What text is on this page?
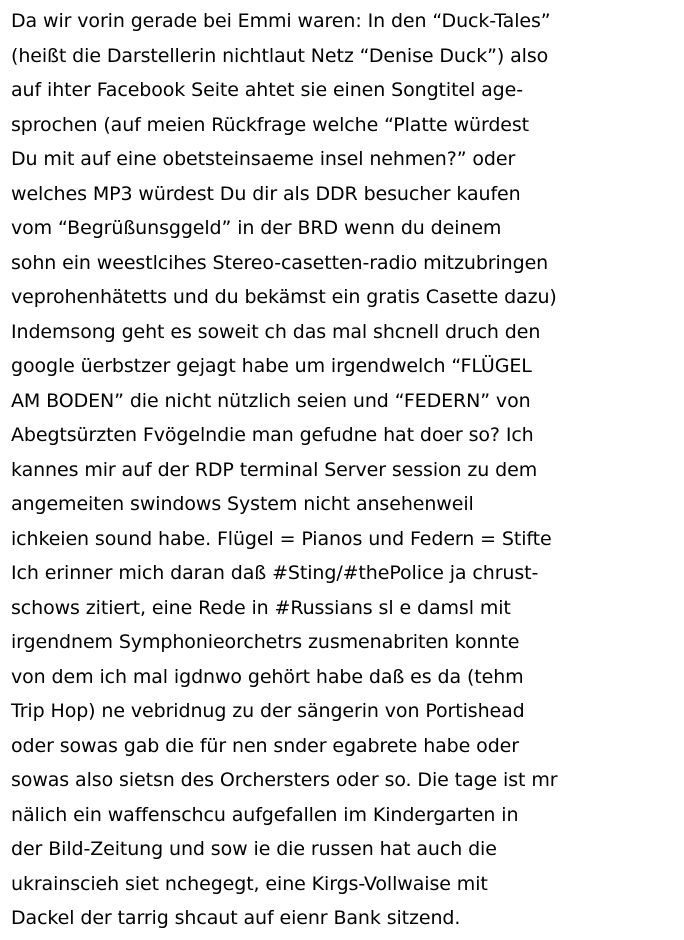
Da wir vorin gerade bei Emmi waren: In den “Duck-Tales”
(heißt die Darstellerin nichtlaut Netz “Denise Duck”) also
auf ihter Facebook Seite ahtet sie einen Songtitel age-
sprochen (auf meien Rückfrage welche “Platte würdest
Du mit auf eine obetsteinsaeme insel nehmen?” oder
welches MP3 würdest Du dir als DDR besucher kaufen
vom “Begrüßunsggeld” in der BRD wenn du deinem
sohn ein weestlcihes Stereo-casetten-radio mitzubringen
veprohenhätetts und du bekämst ein gratis Casette dazu)
Indemsong geht es soweit ch das mal shcnell druch den
google üerbstzer gejagt habe um irgendwelch “FLÜGEL
AM BODEN” die nicht nützlich seien und “FEDERN” von
Abegtsürzten Fvögelndie man gefudne hat doer so? Ich
kannes mir auf der RDP terminal Server session zu dem
angemeiten swindows System nicht ansehenweil
ichkeien sound habe. Flügel = Pianos und Federn = Stifte
Ich erinner mich daran daß #Sting/#thePolice ja chrust-
schows zitiert, eine Rede in #Russians sl e damsl mit
irgendnem Symphonieorchetrs zusmenabriten konnte
von dem ich mal igdnwo gehört habe daß es da (tehm
Trip Hop) ne vebridnug zu der sängerin von Portishead
oder sowas gab die für nen snder egabrete habe oder
sowas also sietsn des Orchersters oder so. Die tage ist mr
nälich ein waffenschcu aufgefallen im Kindergarten in
der Bild-Zeitung und sow ie die russen hat auch die
ukrainscieh siet nchegegt, eine Kirgs-Vollwaise mit
Dackel der tarrig shcaut auf eienr Bank sitzend.
